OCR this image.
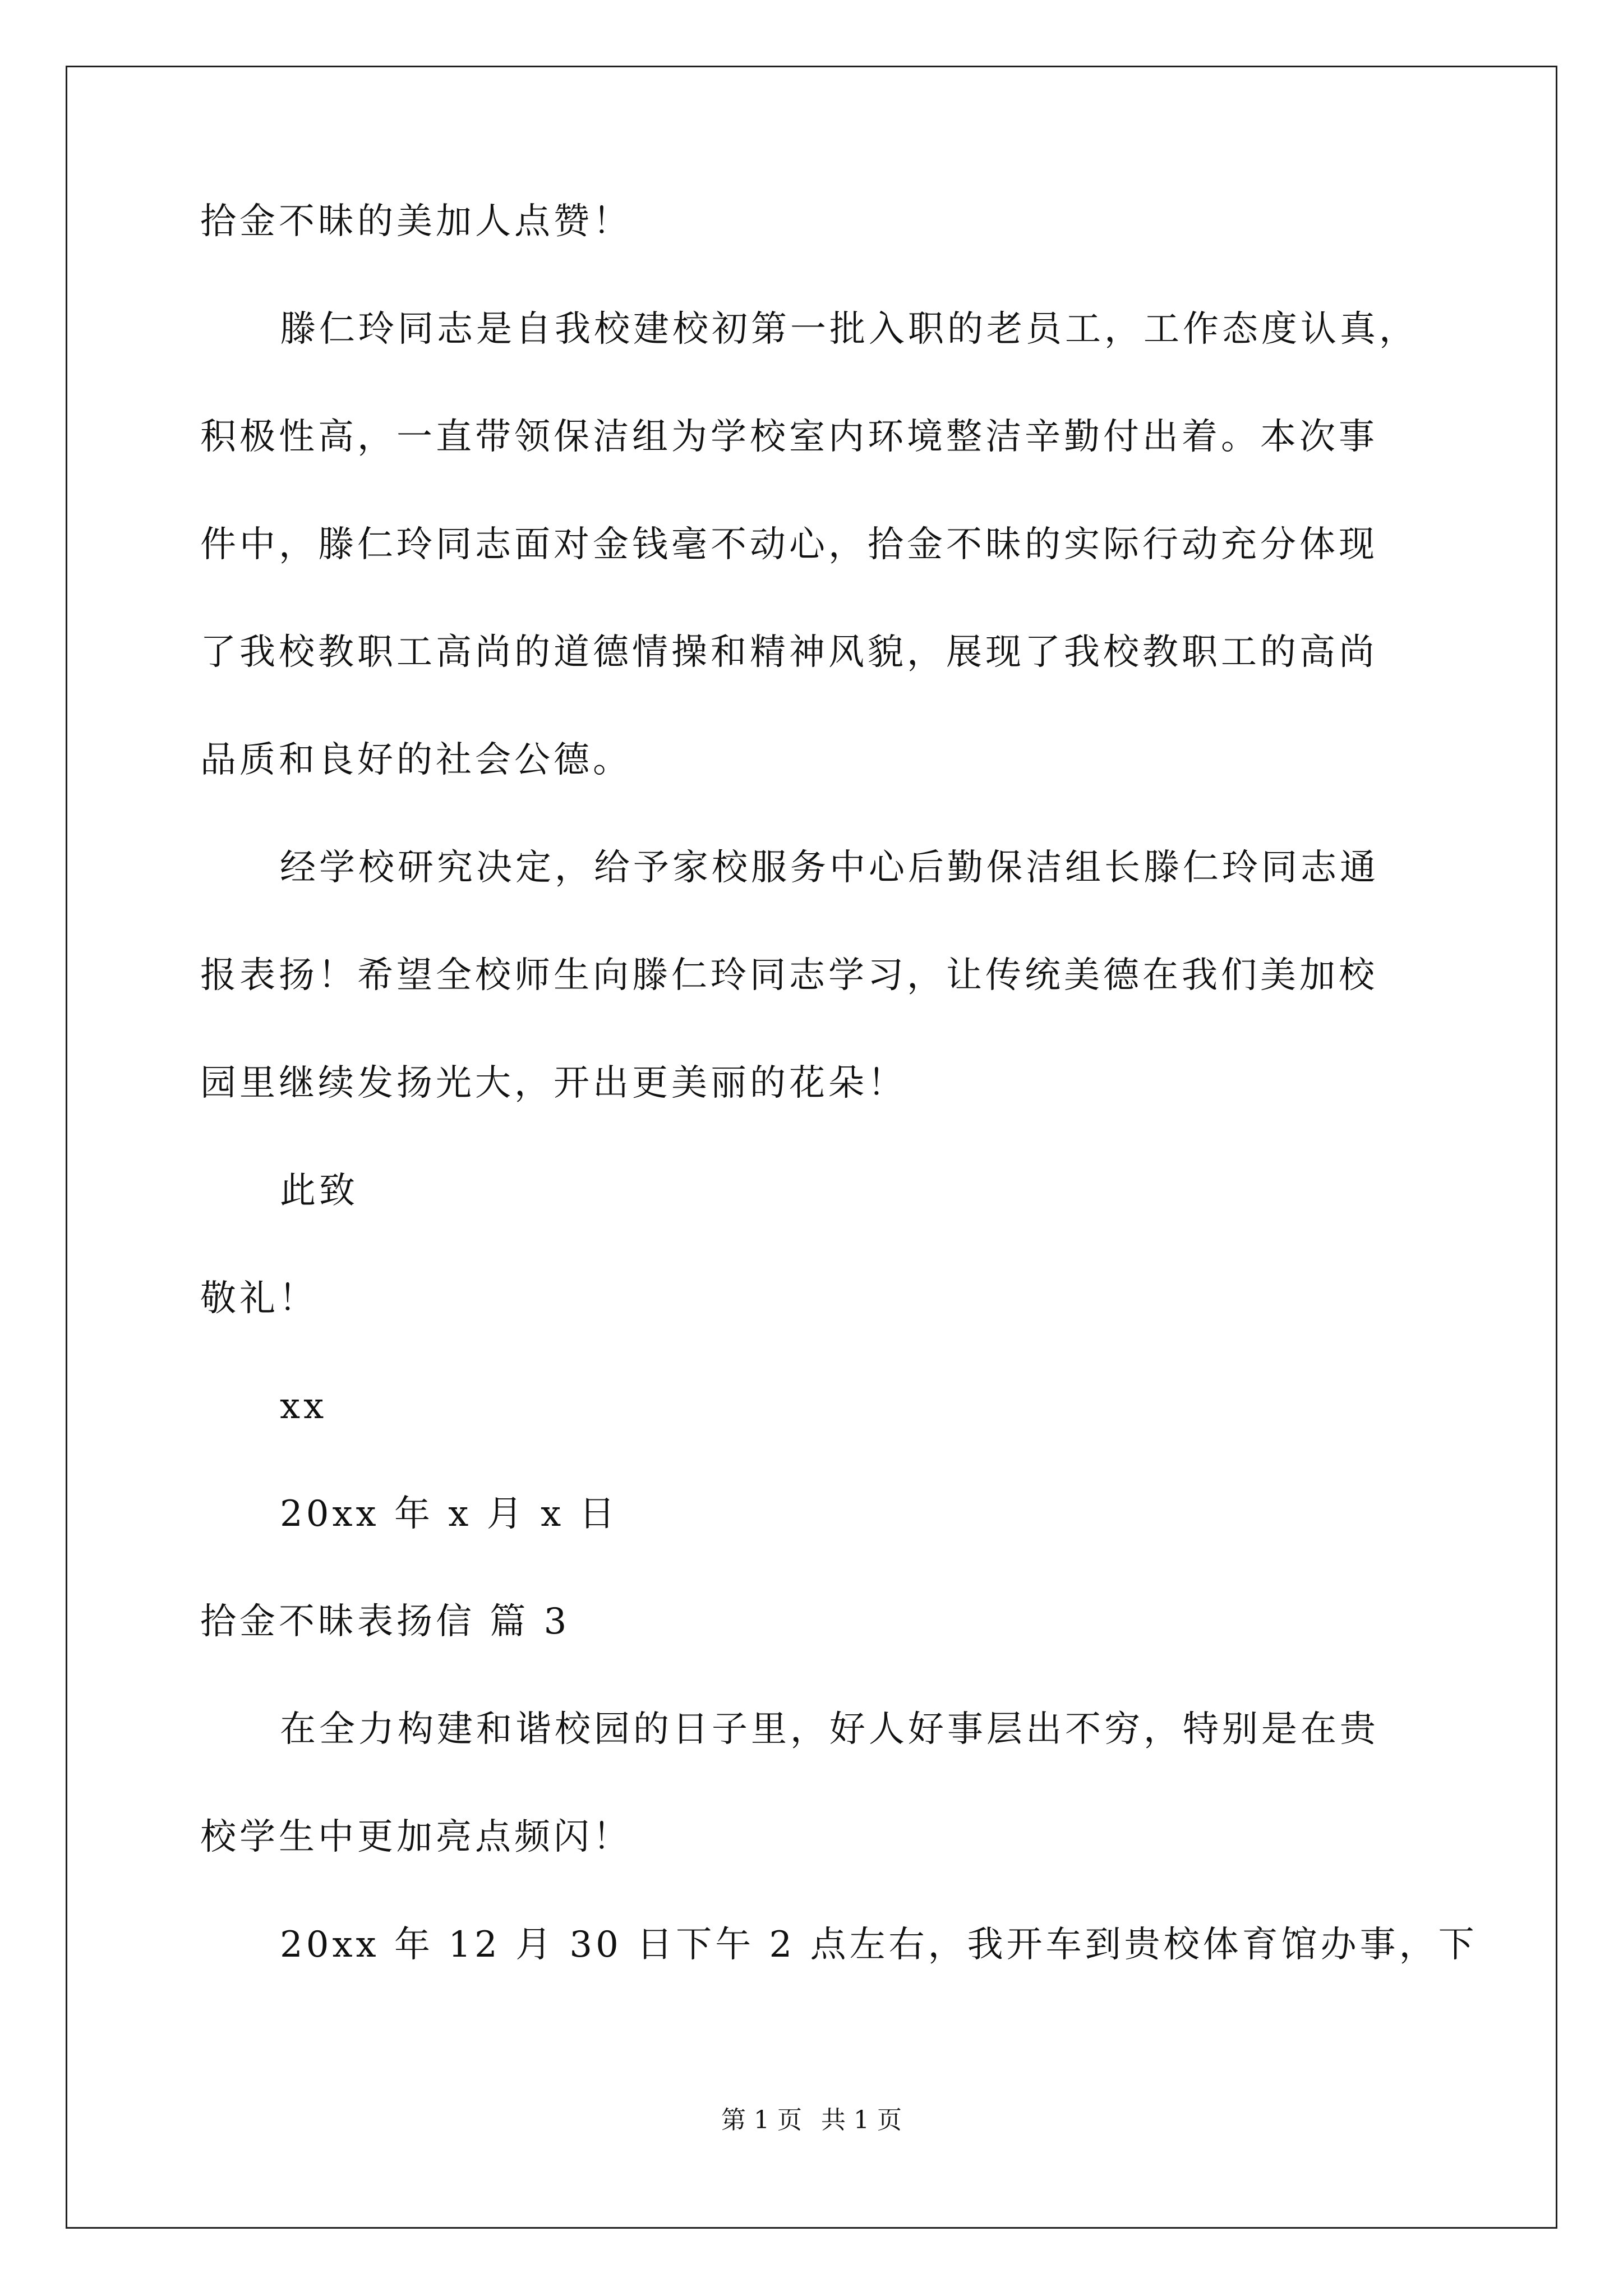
拾金不昧的美加人点赞！
滕仁玲同志是自我校建校初第一批入职的老员工，工作态度认真，
积极性高，一直带领保洁组为学校室内环境整洁辛勤付出着。本次事
件中，滕仁玲同志面对金钱毫不动心，拾金不昧的实际行动充分体现
了我校教职工高尚的道德情操和精神风貌，展现了我校教职工的高尚
品质和良好的社会公德。
经学校研究决定，给予家校服务中心后勤保洁组长滕仁玲同志通
报表扬！希望全校师生向滕仁玲同志学习，让传统美德在我们美加校
园里继续发扬光大，开出更美丽的花朵！
此致
敬礼！
xx
20xx 年 x 月 x 日
拾金不昧表扬信 篇 3
在全力构建和谐校园的日子里，好人好事层出不穷，特别是在贵
校学生中更加亮点频闪！
20xx 年 12 月 30 日下午 2 点左右，我开车到贵校体育馆办事，下
第 1 页 共 1 页
